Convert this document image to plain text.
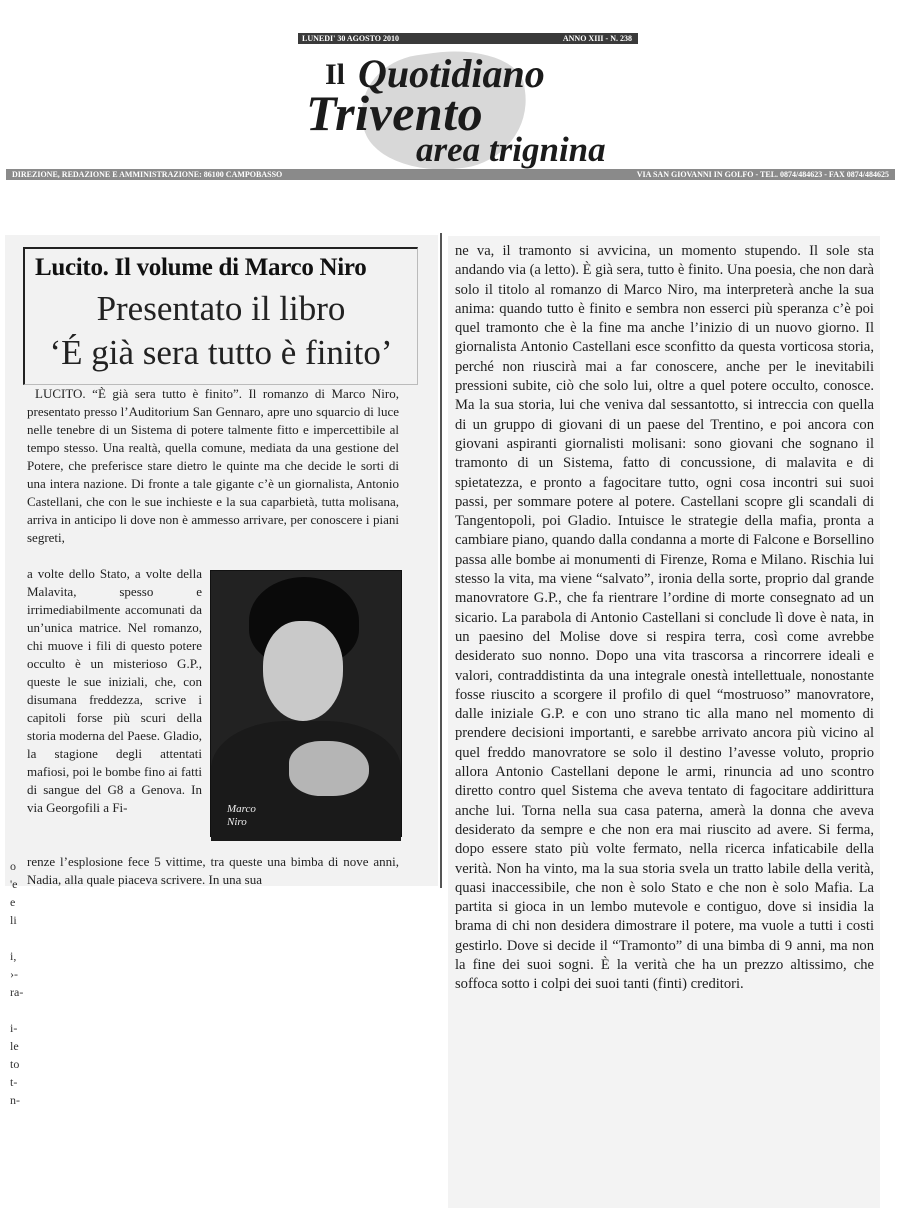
LUNEDI' 30 AGOSTO 2010	ANNO XIII - N. 238
Il Quotidiano
Trivento
area trignina
DIREZIONE, REDAZIONE E AMMINISTRAZIONE: 86100 CAMPOBASSO	VIA SAN GIOVANNI IN GOLFO - TEL. 0874/484623 - FAX 0874/484625
o
'e
e
li
i,
›-
ra-
i-
le
to
t-
n-
Lucito. Il volume di Marco Niro
Presentato il libro
‘É già sera tutto è finito’

LUCITO. “È già sera tutto è finito”. Il romanzo di Marco Niro, presentato presso l’Auditorium San Gennaro, apre uno squarcio di luce nelle tenebre di un Sistema di potere talmente fitto e impercettibile al tempo stesso. Una realtà, quella comune, mediata da una gestione del Potere, che preferisce stare dietro le quinte ma che decide le sorti di una intera nazione. Di fronte a tale gigante c’è un giornalista, Antonio Castellani, che con le sue inchieste e la sua caparbietà, tutta molisana, arriva in anticipo li dove non è ammesso arrivare, per conoscere i piani segreti,

a volte dello Stato, a volte della Malavita, spesso e irrimediabilmente accomunati da un’unica matrice. Nel romanzo, chi muove i fili di questo potere occulto è un misterioso G.P., queste le sue iniziali, che, con disumana freddezza, scrive i capitoli forse più scuri della storia moderna del Paese. Gladio, la stagione degli attentati mafiosi, poi le bombe fino ai fatti di sangue del G8 a Genova. In via Georgofili a Fi-	Marco
Niro

renze l’esplosione fece 5 vittime, tra queste una bimba di nove anni, Nadia, alla quale piaceva scrivere. In una sua

ne va, il tramonto si avvicina, un momento stupendo. Il sole sta andando via (a letto). È già sera, tutto è finito. Una poesia, che non darà solo il titolo al romanzo di Marco Niro, ma interpreterà anche la sua anima: quando tutto è finito e sembra non esserci più speranza c’è poi quel tramonto che è la fine ma anche l’inizio di un nuovo giorno. Il giornalista Antonio Castellani esce sconfitto da questa vorticosa storia, perché non riuscirà mai a far conoscere, anche per le inevitabili pressioni subite, ciò che solo lui, oltre a quel potere occulto, conosce. Ma la sua storia, lui che veniva dal sessantotto, si intreccia con quella di un gruppo di giovani di un paese del Trentino, e poi ancora con giovani aspiranti giornalisti molisani: sono giovani che sognano il tramonto di un Sistema, fatto di concussione, di malavita e di spietatezza, e pronto a fagocitare tutto, ogni cosa incontri sui suoi passi, per sommare potere al potere. Castellani scopre gli scandali di Tangentopoli, poi Gladio. Intuisce le strategie della mafia, pronta a cambiare piano, quando dalla condanna a morte di Falcone e Borsellino passa alle bombe ai monumenti di Firenze, Roma e Milano. Rischia lui stesso la vita, ma viene “salvato”, ironia della sorte, proprio dal grande manovratore G.P., che fa rientrare l’ordine di morte consegnato ad un sicario. La parabola di Antonio Castellani si conclude lì dove è nata, in un paesino del Molise dove si respira terra, così come avrebbe desiderato suo nonno. Dopo una vita trascorsa a rincorrere ideali e valori, contraddistinta da una integrale onestà intellettuale, nonostante fosse riuscito a scorgere il profilo di quel “mostruoso” manovratore, dalle iniziale G.P. e con uno strano tic alla mano nel momento di prendere decisioni importanti, e sarebbe arrivato ancora più vicino al quel freddo manovratore se solo il destino l’avesse voluto, proprio allora Antonio Castellani depone le armi, rinuncia ad uno scontro diretto contro quel Sistema che aveva tentato di fagocitare addirittura anche lui. Torna nella sua casa paterna, amerà la donna che aveva desiderato da sempre e che non era mai riuscito ad avere. Si ferma, dopo essere stato più volte fermato, nella ricerca infaticabile della verità. Non ha vinto, ma la sua storia svela un tratto labile della verità, quasi inaccessibile, che non è solo Stato e che non è solo Mafia. La partita si gioca in un lembo mutevole e contiguo, dove si insidia la brama di chi non desidera dimostrare il potere, ma vuole a tutti i costi gestirlo. Dove si decide il “Tramonto” di una bimba di 9 anni, ma non la fine dei suoi sogni. È la verità che ha un prezzo altissimo, che soffoca sotto i colpi dei suoi tanti (finti) creditori.
